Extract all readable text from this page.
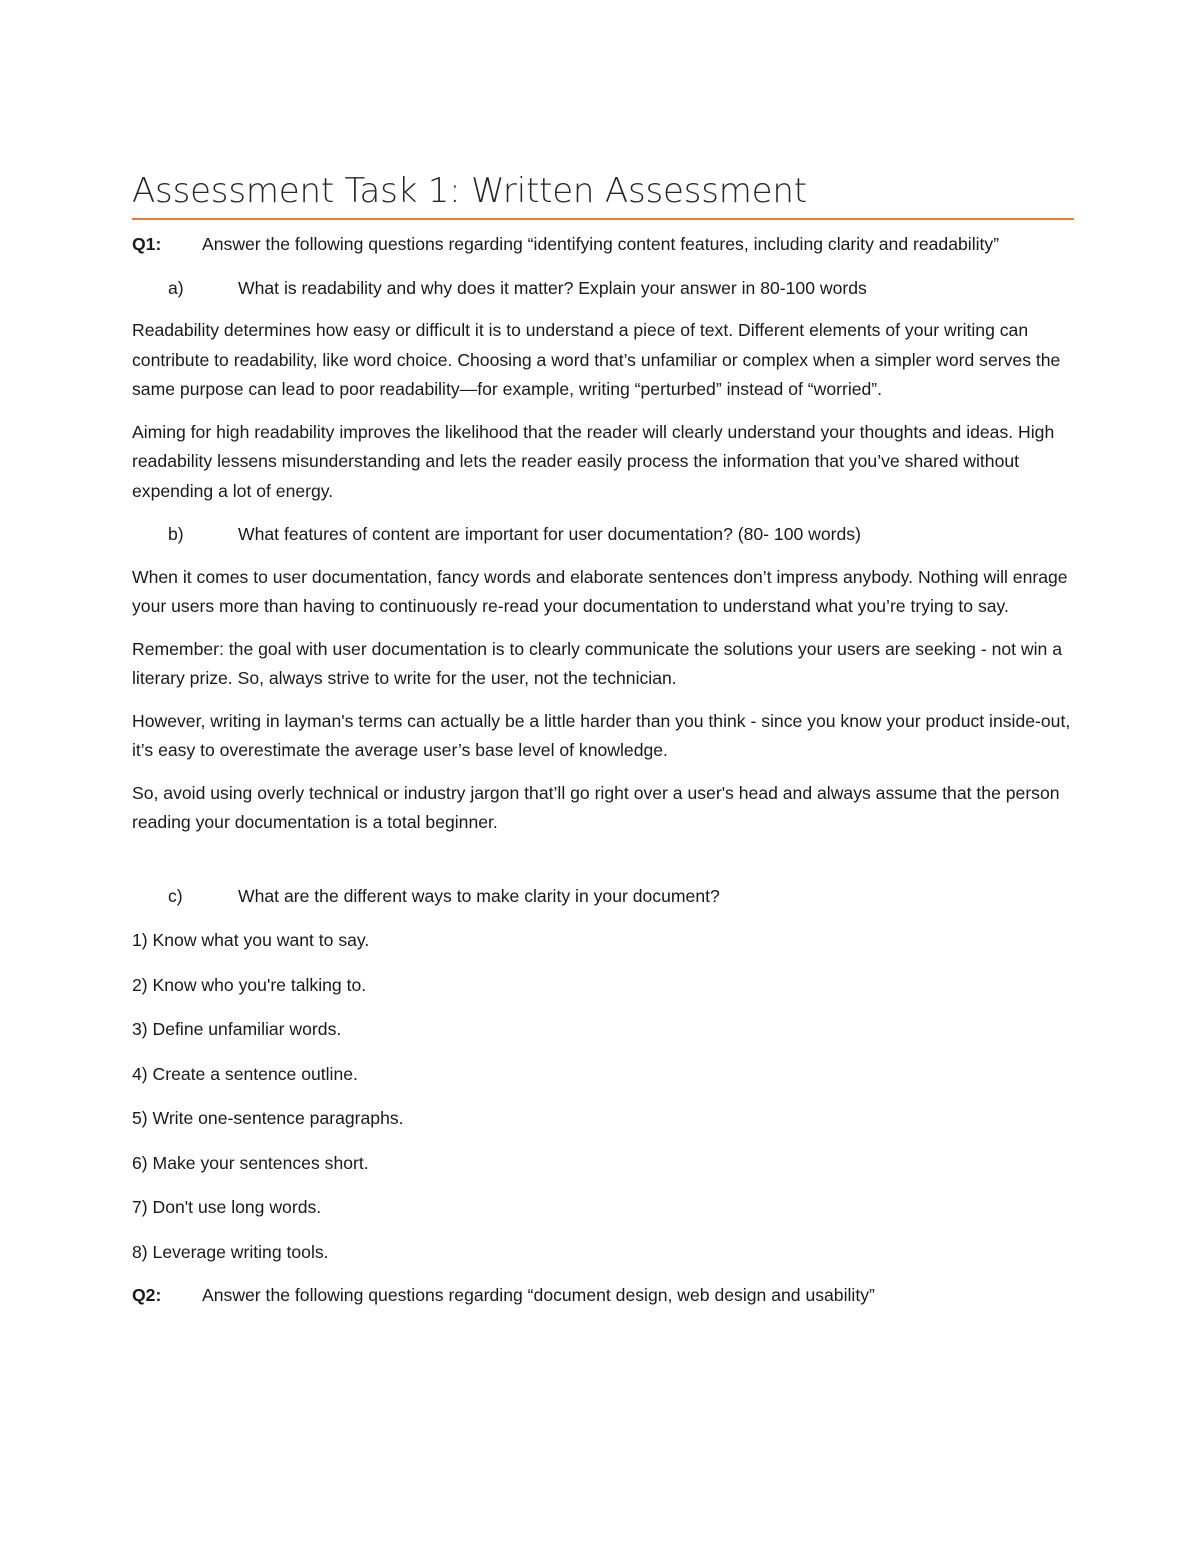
Assessment Task 1: Written Assessment

Q1: Answer the following questions regarding “identifying content features, including clarity and readability”

a)	What is readability and why does it matter? Explain your answer in 80-100 words

Readability determines how easy or difficult it is to understand a piece of text. Different elements of your writing can contribute to readability, like word choice. Choosing a word that’s unfamiliar or complex when a simpler word serves the same purpose can lead to poor readability—for example, writing “perturbed” instead of “worried”.

Aiming for high readability improves the likelihood that the reader will clearly understand your thoughts and ideas. High readability lessens misunderstanding and lets the reader easily process the information that you’ve shared without expending a lot of energy.

b)	What features of content are important for user documentation? (80- 100 words)

When it comes to user documentation, fancy words and elaborate sentences don’t impress anybody. Nothing will enrage your users more than having to continuously re-read your documentation to understand what you’re trying to say.

Remember: the goal with user documentation is to clearly communicate the solutions your users are seeking - not win a literary prize. So, always strive to write for the user, not the technician.

However, writing in layman's terms can actually be a little harder than you think - since you know your product inside-out, it’s easy to overestimate the average user’s base level of knowledge.

So, avoid using overly technical or industry jargon that’ll go right over a user's head and always assume that the person reading your documentation is a total beginner.

c)	What are the different ways to make clarity in your document?

1) Know what you want to say.

2) Know who you're talking to.

3) Define unfamiliar words.

4) Create a sentence outline.

5) Write one-sentence paragraphs.

6) Make your sentences short.

7) Don't use long words.

8) Leverage writing tools.

Q2: Answer the following questions regarding “document design, web design and usability”
